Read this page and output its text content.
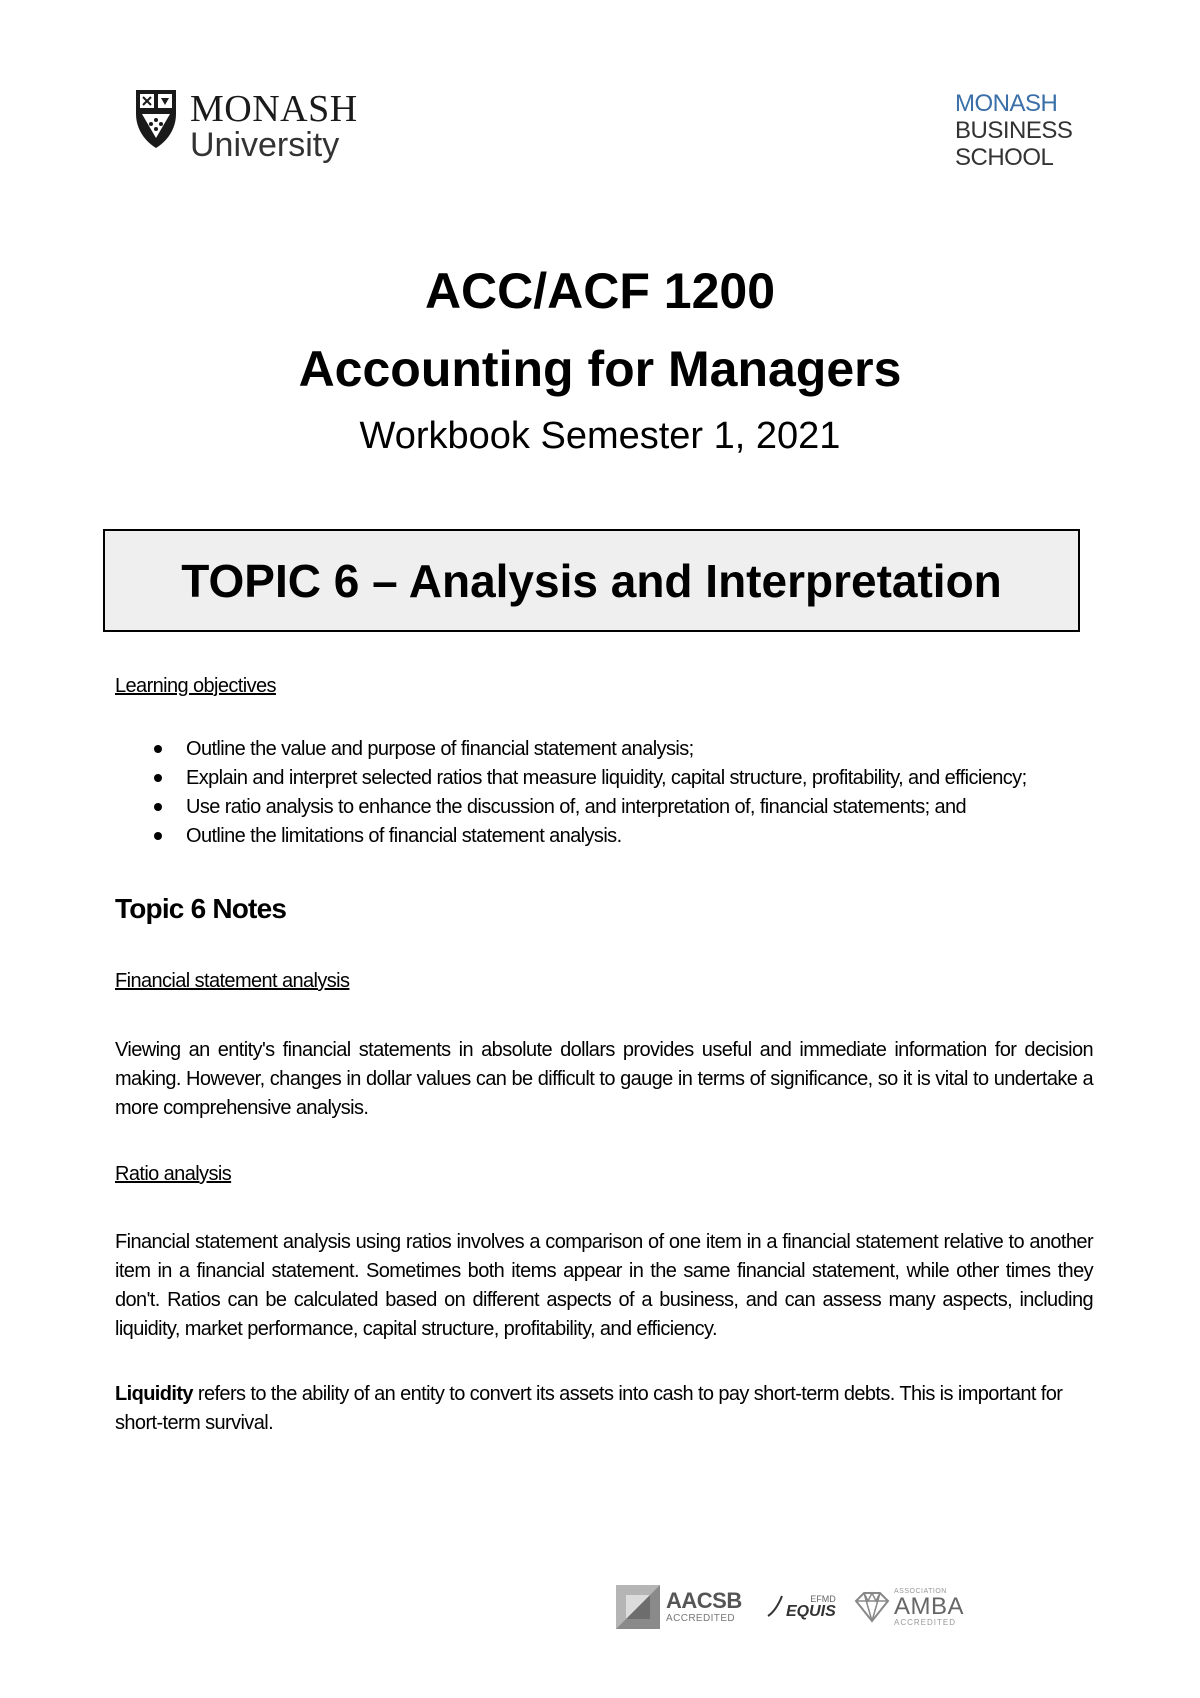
MONASH
University
MONASH
BUSINESS
SCHOOL
ACC/ACF 1200
Accounting for Managers
Workbook Semester 1, 2021
TOPIC 6 – Analysis and Interpretation
Learning objectives
Outline the value and purpose of financial statement analysis;
Explain and interpret selected ratios that measure liquidity, capital structure, profitability, and efficiency;
Use ratio analysis to enhance the discussion of, and interpretation of, financial statements; and
Outline the limitations of financial statement analysis.
Topic 6 Notes
Financial statement analysis

Viewing an entity's financial statements in absolute dollars provides useful and immediate information for decision making. However, changes in dollar values can be difficult to gauge in terms of significance, so it is vital to undertake a more comprehensive analysis.

Ratio analysis

Financial statement analysis using ratios involves a comparison of one item in a financial statement relative to another item in a financial statement. Sometimes both items appear in the same financial statement, while other times they don't. Ratios can be calculated based on different aspects of a business, and can assess many aspects, including liquidity, market performance, capital structure, profitability, and efficiency.

Liquidity refers to the ability of an entity to convert its assets into cash to pay short-term debts. This is important for short-term survival.

AACSB
ACCREDITED
EFMD
EQUIS
ASSOCIATION
AMBA
ACCREDITED
